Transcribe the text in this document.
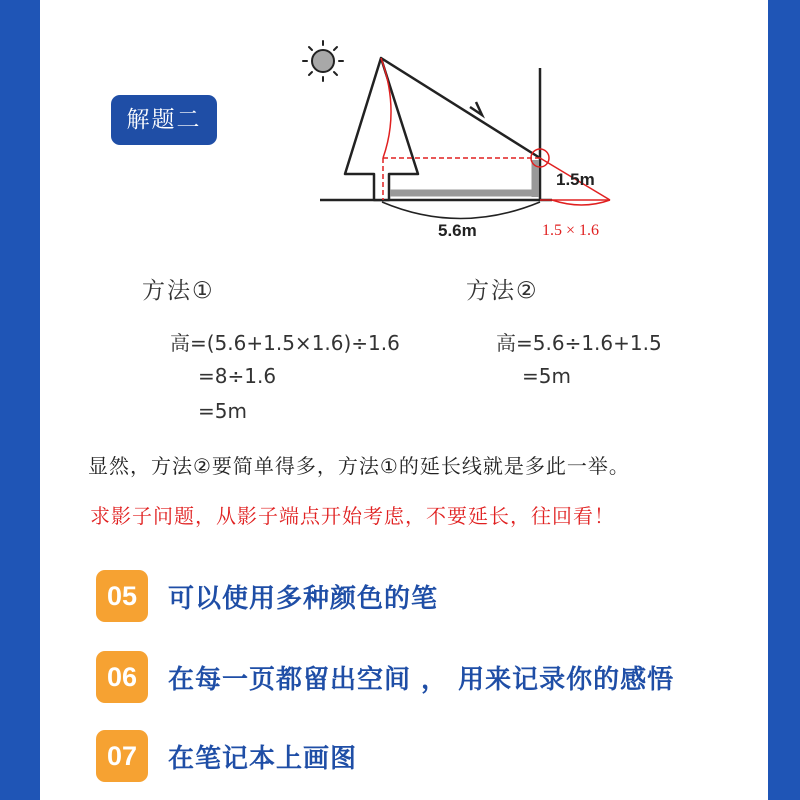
解题二
1.5m
5.6m	1.5 × 1.6
方法①
高=(5.6+1.5×1.6)÷1.6
=8÷1.6
=5m
方法②
高=5.6÷1.6+1.5
=5m
显然，方法②要简单得多，方法①的延长线就是多此一举。
求影子问题，从影子端点开始考虑，不要延长，往回看！
05	可以使用多种颜色的笔
06	在每一页都留出空间 ， 用来记录你的感悟
07	在笔记本上画图
